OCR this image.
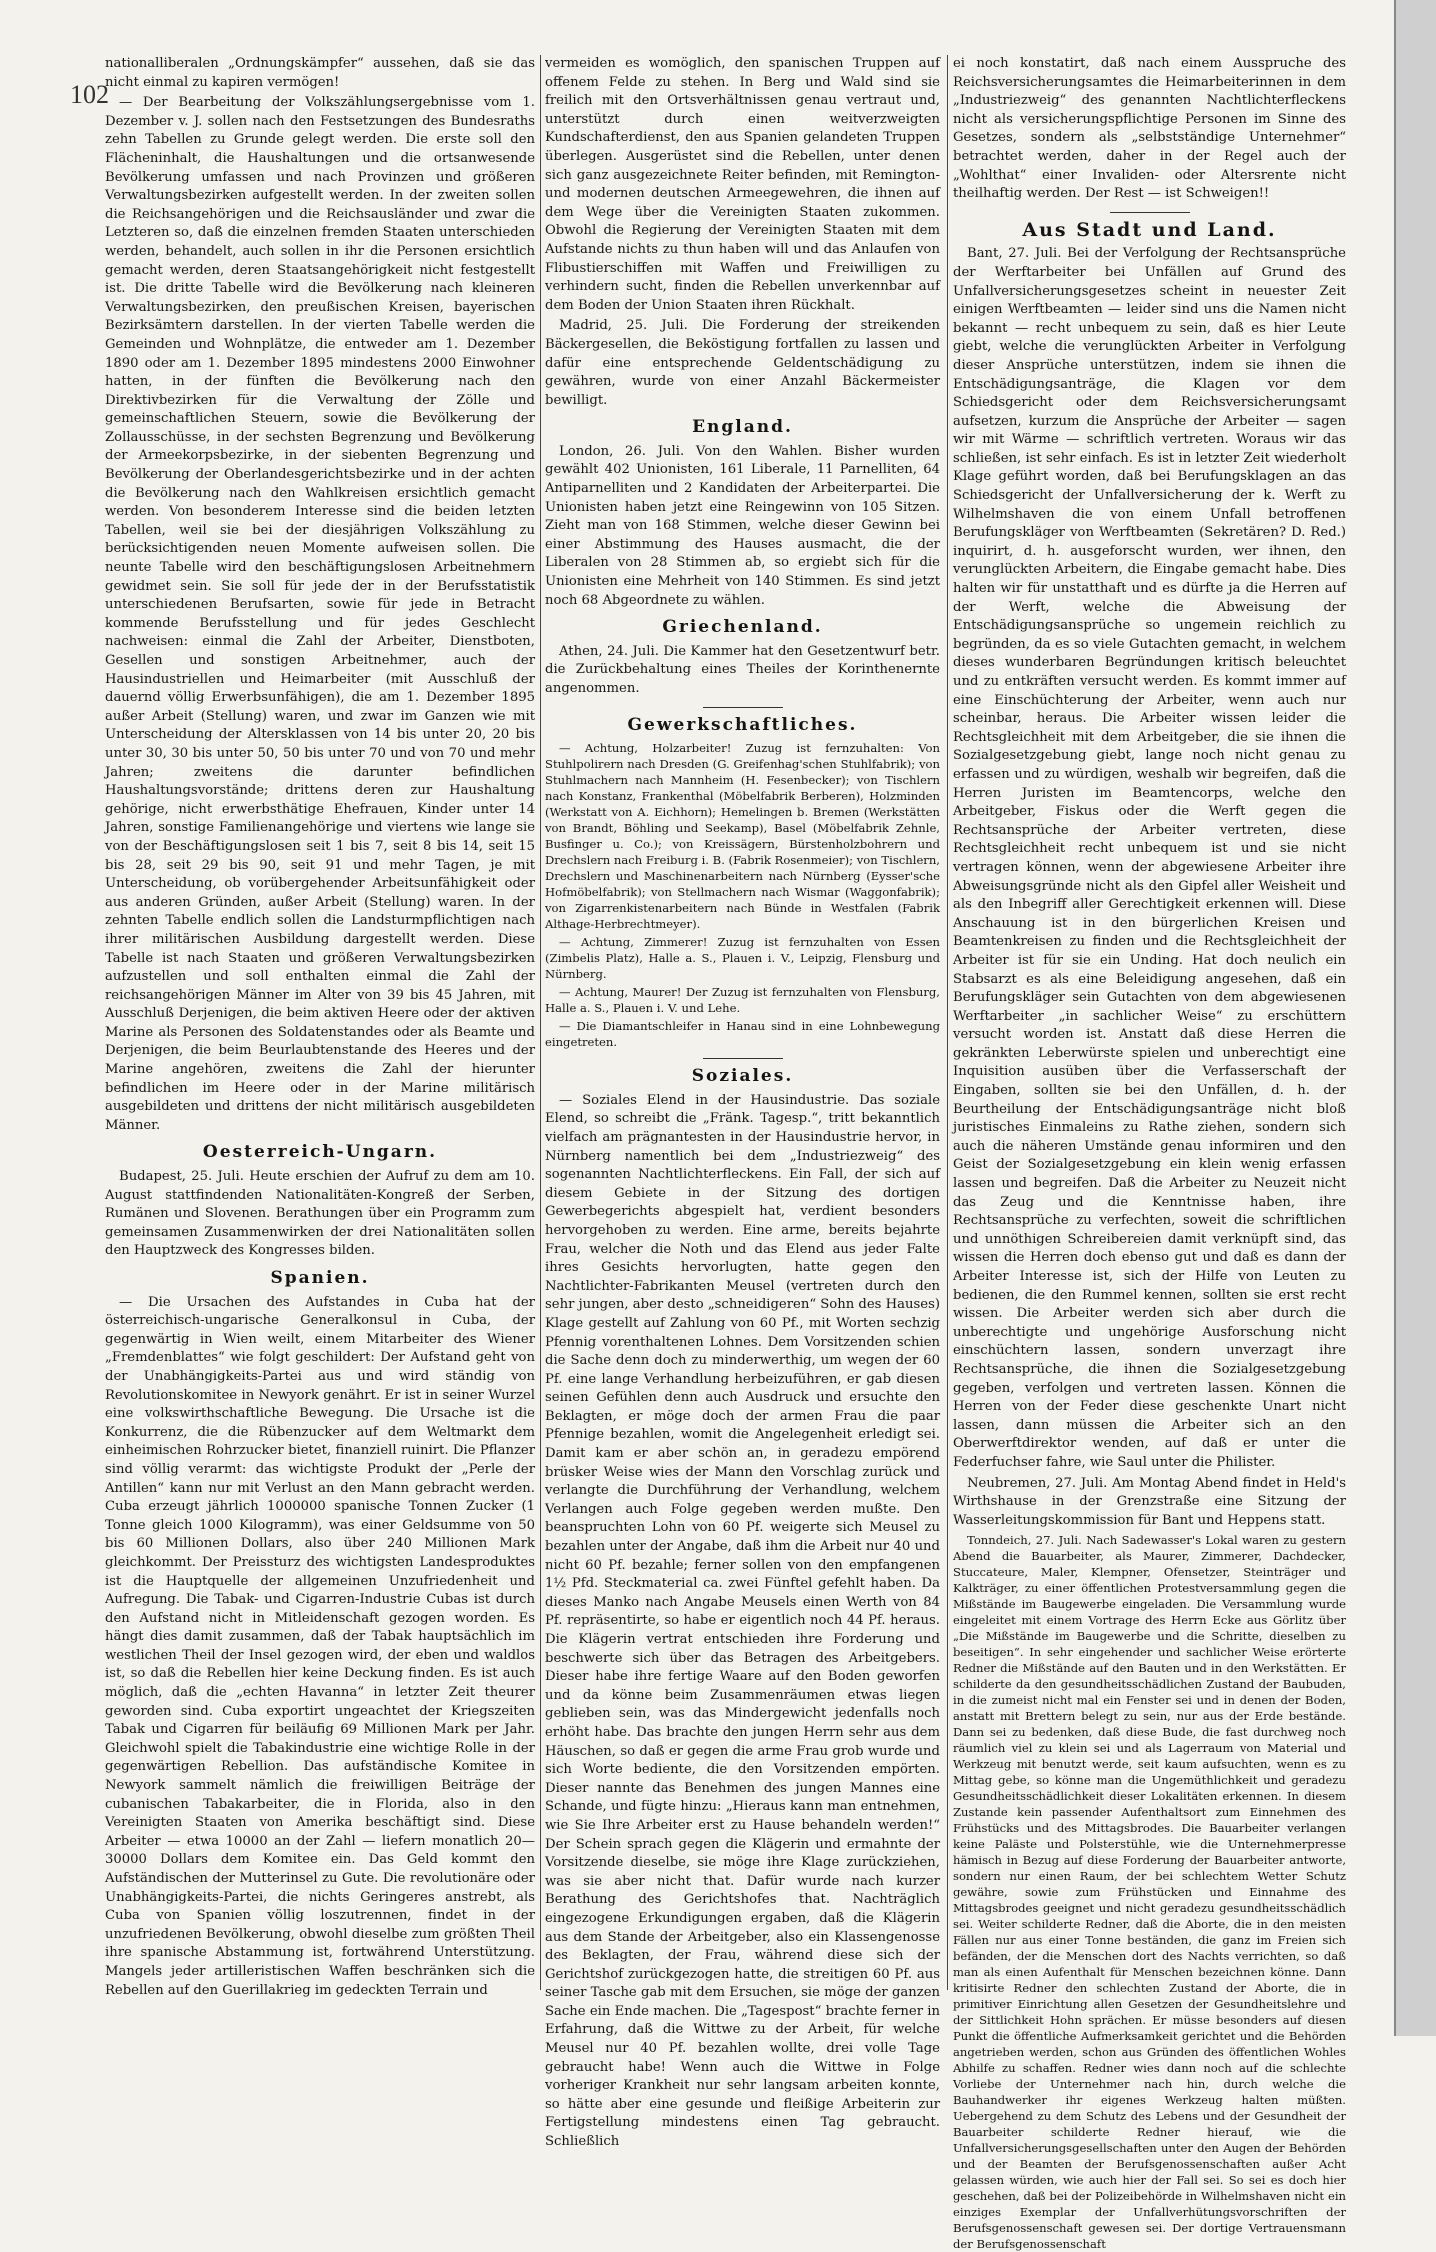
102

nationalliberalen „Ordnungskämpfer“ aussehen, daß sie das nicht einmal zu kapiren vermögen!

— Der Bearbeitung der Volkszählungsergebnisse vom 1. Dezember v. J. sollen nach den Festsetzungen des Bundesraths zehn Tabellen zu Grunde gelegt werden. Die erste soll den Flächeninhalt, die Haushaltungen und die ortsanwesende Bevölkerung umfassen und nach Provinzen und größeren Verwaltungsbezirken aufgestellt werden. In der zweiten sollen die Reichsangehörigen und die Reichsausländer und zwar die Letzteren so, daß die einzelnen fremden Staaten unterschieden werden, behandelt, auch sollen in ihr die Personen ersichtlich gemacht werden, deren Staatsangehörigkeit nicht festgestellt ist. Die dritte Tabelle wird die Bevölkerung nach kleineren Verwaltungsbezirken, den preußischen Kreisen, bayerischen Bezirksämtern darstellen. In der vierten Tabelle werden die Gemeinden und Wohnplätze, die entweder am 1. Dezember 1890 oder am 1. Dezember 1895 mindestens 2000 Einwohner hatten, in der fünften die Bevölkerung nach den Direktivbezirken für die Verwaltung der Zölle und gemeinschaftlichen Steuern, sowie die Bevölkerung der Zollausschüsse, in der sechsten Begrenzung und Bevölkerung der Armeekorpsbezirke, in der siebenten Begrenzung und Bevölkerung der Oberlandesgerichtsbezirke und in der achten die Bevölkerung nach den Wahlkreisen ersichtlich gemacht werden. Von besonderem Interesse sind die beiden letzten Tabellen, weil sie bei der diesjährigen Volkszählung zu berücksichtigenden neuen Momente aufweisen sollen. Die neunte Tabelle wird den beschäftigungslosen Arbeitnehmern gewidmet sein. Sie soll für jede der in der Berufsstatistik unterschiedenen Berufsarten, sowie für jede in Betracht kommende Berufsstellung und für jedes Geschlecht nachweisen: einmal die Zahl der Arbeiter, Dienstboten, Gesellen und sonstigen Arbeitnehmer, auch der Hausindustriellen und Heimarbeiter (mit Ausschluß der dauernd völlig Erwerbsunfähigen), die am 1. Dezember 1895 außer Arbeit (Stellung) waren, und zwar im Ganzen wie mit Unterscheidung der Altersklassen von 14 bis unter 20, 20 bis unter 30, 30 bis unter 50, 50 bis unter 70 und von 70 und mehr Jahren; zweitens die darunter befindlichen Haushaltungsvorstände; drittens deren zur Haushaltung gehörige, nicht erwerbsthätige Ehefrauen, Kinder unter 14 Jahren, sonstige Familienangehörige und viertens wie lange sie von der Beschäftigungslosen seit 1 bis 7, seit 8 bis 14, seit 15 bis 28, seit 29 bis 90, seit 91 und mehr Tagen, je mit Unterscheidung, ob vorübergehender Arbeitsunfähigkeit oder aus anderen Gründen, außer Arbeit (Stellung) waren. In der zehnten Tabelle endlich sollen die Landsturmpflichtigen nach ihrer militärischen Ausbildung dargestellt werden. Diese Tabelle ist nach Staaten und größeren Verwaltungsbezirken aufzustellen und soll enthalten einmal die Zahl der reichsangehörigen Männer im Alter von 39 bis 45 Jahren, mit Ausschluß Derjenigen, die beim aktiven Heere oder der aktiven Marine als Personen des Soldatenstandes oder als Beamte und Derjenigen, die beim Beurlaubtenstande des Heeres und der Marine angehören, zweitens die Zahl der hierunter befindlichen im Heere oder in der Marine militärisch ausgebildeten und drittens der nicht militärisch ausgebildeten Männer.

Oesterreich-Ungarn.

Budapest, 25. Juli. Heute erschien der Aufruf zu dem am 10. August stattfindenden Nationalitäten-Kongreß der Serben, Rumänen und Slovenen. Berathungen über ein Programm zum gemeinsamen Zusammenwirken der drei Nationalitäten sollen den Hauptzweck des Kongresses bilden.

Spanien.

— Die Ursachen des Aufstandes in Cuba hat der österreichisch-ungarische Generalkonsul in Cuba, der gegenwärtig in Wien weilt, einem Mitarbeiter des Wiener „Fremdenblattes“ wie folgt geschildert: Der Aufstand geht von der Unabhängigkeits-Partei aus und wird ständig von Revolutionskomitee in Newyork genährt. Er ist in seiner Wurzel eine volkswirthschaftliche Bewegung. Die Ursache ist die Konkurrenz, die die Rübenzucker auf dem Weltmarkt dem einheimischen Rohrzucker bietet, finanziell ruinirt. Die Pflanzer sind völlig verarmt: das wichtigste Produkt der „Perle der Antillen“ kann nur mit Verlust an den Mann gebracht werden. Cuba erzeugt jährlich 1000000 spanische Tonnen Zucker (1 Tonne gleich 1000 Kilogramm), was einer Geldsumme von 50 bis 60 Millionen Dollars, also über 240 Millionen Mark gleichkommt. Der Preissturz des wichtigsten Landesproduktes ist die Hauptquelle der allgemeinen Unzufriedenheit und Aufregung. Die Tabak- und Cigarren-Industrie Cubas ist durch den Aufstand nicht in Mitleidenschaft gezogen worden. Es hängt dies damit zusammen, daß der Tabak hauptsächlich im westlichen Theil der Insel gezogen wird, der eben und waldlos ist, so daß die Rebellen hier keine Deckung finden. Es ist auch möglich, daß die „echten Havanna“ in letzter Zeit theurer geworden sind. Cuba exportirt ungeachtet der Kriegszeiten Tabak und Cigarren für beiläufig 69 Millionen Mark per Jahr. Gleichwohl spielt die Tabakindustrie eine wichtige Rolle in der gegenwärtigen Rebellion. Das aufständische Komitee in Newyork sammelt nämlich die freiwilligen Beiträge der cubanischen Tabakarbeiter, die in Florida, also in den Vereinigten Staaten von Amerika beschäftigt sind. Diese Arbeiter — etwa 10000 an der Zahl — liefern monatlich 20—30000 Dollars dem Komitee ein. Das Geld kommt den Aufständischen der Mutterinsel zu Gute. Die revolutionäre oder Unabhängigkeits-Partei, die nichts Geringeres anstrebt, als Cuba von Spanien völlig loszutrennen, findet in der unzufriedenen Bevölkerung, obwohl dieselbe zum größten Theil ihre spanische Abstammung ist, fortwährend Unterstützung. Mangels jeder artilleristischen Waffen beschränken sich die Rebellen auf den Guerillakrieg im gedeckten Terrain und

vermeiden es womöglich, den spanischen Truppen auf offenem Felde zu stehen. In Berg und Wald sind sie freilich mit den Ortsverhältnissen genau vertraut und, unterstützt durch einen weitverzweigten Kundschafterdienst, den aus Spanien gelandeten Truppen überlegen. Ausgerüstet sind die Rebellen, unter denen sich ganz ausgezeichnete Reiter befinden, mit Remington- und modernen deutschen Armeegewehren, die ihnen auf dem Wege über die Vereinigten Staaten zukommen. Obwohl die Regierung der Vereinigten Staaten mit dem Aufstande nichts zu thun haben will und das Anlaufen von Flibustierschiffen mit Waffen und Freiwilligen zu verhindern sucht, finden die Rebellen unverkennbar auf dem Boden der Union Staaten ihren Rückhalt.

Madrid, 25. Juli. Die Forderung der streikenden Bäckergesellen, die Beköstigung fortfallen zu lassen und dafür eine entsprechende Geldentschädigung zu gewähren, wurde von einer Anzahl Bäckermeister bewilligt.

England.

London, 26. Juli. Von den Wahlen. Bisher wurden gewählt 402 Unionisten, 161 Liberale, 11 Parnelliten, 64 Antiparnelliten und 2 Kandidaten der Arbeiterpartei. Die Unionisten haben jetzt eine Reingewinn von 105 Sitzen. Zieht man von 168 Stimmen, welche dieser Gewinn bei einer Abstimmung des Hauses ausmacht, die der Liberalen von 28 Stimmen ab, so ergiebt sich für die Unionisten eine Mehrheit von 140 Stimmen. Es sind jetzt noch 68 Abgeordnete zu wählen.

Griechenland.

Athen, 24. Juli. Die Kammer hat den Gesetzentwurf betr. die Zurückbehaltung eines Theiles der Korinthenernte angenommen.

Gewerkschaftliches.

— Achtung, Holzarbeiter! Zuzug ist fernzuhalten: Von Stuhlpolirern nach Dresden (G. Greifenhag'schen Stuhlfabrik); von Stuhlmachern nach Mannheim (H. Fesenbecker); von Tischlern nach Konstanz, Frankenthal (Möbelfabrik Berberen), Holzminden (Werkstatt von A. Eichhorn); Hemelingen b. Bremen (Werkstätten von Brandt, Böhling und Seekamp), Basel (Möbelfabrik Zehnle, Busfinger u. Co.); von Kreissägern, Bürstenholzbohrern und Drechslern nach Freiburg i. B. (Fabrik Rosenmeier); von Tischlern, Drechslern und Maschinenarbeitern nach Nürnberg (Eysser'sche Hofmöbelfabrik); von Stellmachern nach Wismar (Waggonfabrik); von Zigarrenkistenarbeitern nach Bünde in Westfalen (Fabrik Althage-Herbrechtmeyer).

— Achtung, Zimmerer! Zuzug ist fernzuhalten von Essen (Zimbelis Platz), Halle a. S., Plauen i. V., Leipzig, Flensburg und Nürnberg.

— Achtung, Maurer! Der Zuzug ist fernzuhalten von Flensburg, Halle a. S., Plauen i. V. und Lehe.

— Die Diamantschleifer in Hanau sind in eine Lohnbewegung eingetreten.

Soziales.

— Soziales Elend in der Hausindustrie. Das soziale Elend, so schreibt die „Fränk. Tagesp.“, tritt bekanntlich vielfach am prägnantesten in der Hausindustrie hervor, in Nürnberg namentlich bei dem „Industriezweig“ des sogenannten Nachtlichterfleckens. Ein Fall, der sich auf diesem Gebiete in der Sitzung des dortigen Gewerbegerichts abgespielt hat, verdient besonders hervorgehoben zu werden. Eine arme, bereits bejahrte Frau, welcher die Noth und das Elend aus jeder Falte ihres Gesichts hervorlugten, hatte gegen den Nachtlichter-Fabrikanten Meusel (vertreten durch den sehr jungen, aber desto „schneidigeren“ Sohn des Hauses) Klage gestellt auf Zahlung von 60 Pf., mit Worten sechzig Pfennig vorenthaltenen Lohnes. Dem Vorsitzenden schien die Sache denn doch zu minderwerthig, um wegen der 60 Pf. eine lange Verhandlung herbeizuführen, er gab diesen seinen Gefühlen denn auch Ausdruck und ersuchte den Beklagten, er möge doch der armen Frau die paar Pfennige bezahlen, womit die Angelegenheit erledigt sei. Damit kam er aber schön an, in geradezu empörend brüsker Weise wies der Mann den Vorschlag zurück und verlangte die Durchführung der Verhandlung, welchem Verlangen auch Folge gegeben werden mußte. Den beanspruchten Lohn von 60 Pf. weigerte sich Meusel zu bezahlen unter der Angabe, daß ihm die Arbeit nur 40 und nicht 60 Pf. bezahle; ferner sollen von den empfangenen 1½ Pfd. Steckmaterial ca. zwei Fünftel gefehlt haben. Da dieses Manko nach Angabe Meusels einen Werth von 84 Pf. repräsentirte, so habe er eigentlich noch 44 Pf. heraus. Die Klägerin vertrat entschieden ihre Forderung und beschwerte sich über das Betragen des Arbeitgebers. Dieser habe ihre fertige Waare auf den Boden geworfen und da könne beim Zusammenräumen etwas liegen geblieben sein, was das Mindergewicht jedenfalls noch erhöht habe. Das brachte den jungen Herrn sehr aus dem Häuschen, so daß er gegen die arme Frau grob wurde und sich Worte bediente, die den Vorsitzenden empörten. Dieser nannte das Benehmen des jungen Mannes eine Schande, und fügte hinzu: „Hieraus kann man entnehmen, wie Sie Ihre Arbeiter erst zu Hause behandeln werden!“ Der Schein sprach gegen die Klägerin und ermahnte der Vorsitzende dieselbe, sie möge ihre Klage zurückziehen, was sie aber nicht that. Dafür wurde nach kurzer Berathung des Gerichtshofes that. Nachträglich eingezogene Erkundigungen ergaben, daß die Klägerin aus dem Stande der Arbeitgeber, also ein Klassengenosse des Beklagten, der Frau, während diese sich der Gerichtshof zurückgezogen hatte, die streitigen 60 Pf. aus seiner Tasche gab mit dem Ersuchen, sie möge der ganzen Sache ein Ende machen. Die „Tagespost“ brachte ferner in Erfahrung, daß die Wittwe zu der Arbeit, für welche Meusel nur 40 Pf. bezahlen wollte, drei volle Tage gebraucht habe! Wenn auch die Wittwe in Folge vorheriger Krankheit nur sehr langsam arbeiten konnte, so hätte aber eine gesunde und fleißige Arbeiterin zur Fertigstellung mindestens einen Tag gebraucht. Schließlich

ei noch konstatirt, daß nach einem Ausspruche des Reichsversicherungsamtes die Heimarbeiterinnen in dem „Industriezweig“ des genannten Nachtlichterfleckens nicht als versicherungspflichtige Personen im Sinne des Gesetzes, sondern als „selbstständige Unternehmer“ betrachtet werden, daher in der Regel auch der „Wohlthat“ einer Invaliden- oder Altersrente nicht theilhaftig werden. Der Rest — ist Schweigen!!

Aus Stadt und Land.

Bant, 27. Juli. Bei der Verfolgung der Rechtsansprüche der Werftarbeiter bei Unfällen auf Grund des Unfallversicherungsgesetzes scheint in neuester Zeit einigen Werftbeamten — leider sind uns die Namen nicht bekannt — recht unbequem zu sein, daß es hier Leute giebt, welche die verunglückten Arbeiter in Verfolgung dieser Ansprüche unterstützen, indem sie ihnen die Entschädigungsanträge, die Klagen vor dem Schiedsgericht oder dem Reichsversicherungsamt aufsetzen, kurzum die Ansprüche der Arbeiter — sagen wir mit Wärme — schriftlich vertreten. Woraus wir das schließen, ist sehr einfach. Es ist in letzter Zeit wiederholt Klage geführt worden, daß bei Berufungsklagen an das Schiedsgericht der Unfallversicherung der k. Werft zu Wilhelmshaven die von einem Unfall betroffenen Berufungskläger von Werftbeamten (Sekretären? D. Red.) inquirirt, d. h. ausgeforscht wurden, wer ihnen, den verunglückten Arbeitern, die Eingabe gemacht habe. Dies halten wir für unstatthaft und es dürfte ja die Herren auf der Werft, welche die Abweisung der Entschädigungsansprüche so ungemein reichlich zu begründen, da es so viele Gutachten gemacht, in welchem dieses wunderbaren Begründungen kritisch beleuchtet und zu entkräften versucht werden. Es kommt immer auf eine Einschüchterung der Arbeiter, wenn auch nur scheinbar, heraus. Die Arbeiter wissen leider die Rechtsgleichheit mit dem Arbeitgeber, die sie ihnen die Sozialgesetzgebung giebt, lange noch nicht genau zu erfassen und zu würdigen, weshalb wir begreifen, daß die Herren Juristen im Beamtencorps, welche den Arbeitgeber, Fiskus oder die Werft gegen die Rechtsansprüche der Arbeiter vertreten, diese Rechtsgleichheit recht unbequem ist und sie nicht vertragen können, wenn der abgewiesene Arbeiter ihre Abweisungsgründe nicht als den Gipfel aller Weisheit und als den Inbegriff aller Gerechtigkeit erkennen will. Diese Anschauung ist in den bürgerlichen Kreisen und Beamtenkreisen zu finden und die Rechtsgleichheit der Arbeiter ist für sie ein Unding. Hat doch neulich ein Stabsarzt es als eine Beleidigung angesehen, daß ein Berufungskläger sein Gutachten von dem abgewiesenen Werftarbeiter „in sachlicher Weise“ zu erschüttern versucht worden ist. Anstatt daß diese Herren die gekränkten Leberwürste spielen und unberechtigt eine Inquisition ausüben über die Verfasserschaft der Eingaben, sollten sie bei den Unfällen, d. h. der Beurtheilung der Entschädigungsanträge nicht bloß juristisches Einmaleins zu Rathe ziehen, sondern sich auch die näheren Umstände genau informiren und den Geist der Sozialgesetzgebung ein klein wenig erfassen lassen und begreifen. Daß die Arbeiter zu Neuzeit nicht das Zeug und die Kenntnisse haben, ihre Rechtsansprüche zu verfechten, soweit die schriftlichen und unnöthigen Schreibereien damit verknüpft sind, das wissen die Herren doch ebenso gut und daß es dann der Arbeiter Interesse ist, sich der Hilfe von Leuten zu bedienen, die den Rummel kennen, sollten sie erst recht wissen. Die Arbeiter werden sich aber durch die unberechtigte und ungehörige Ausforschung nicht einschüchtern lassen, sondern unverzagt ihre Rechtsansprüche, die ihnen die Sozialgesetzgebung gegeben, verfolgen und vertreten lassen. Können die Herren von der Feder diese geschenkte Unart nicht lassen, dann müssen die Arbeiter sich an den Oberwerftdirektor wenden, auf daß er unter die Federfuchser fahre, wie Saul unter die Philister.

Neubremen, 27. Juli. Am Montag Abend findet in Held's Wirthshause in der Grenzstraße eine Sitzung der Wasserleitungskommission für Bant und Heppens statt.

Tonndeich, 27. Juli. Nach Sadewasser's Lokal waren zu gestern Abend die Bauarbeiter, als Maurer, Zimmerer, Dachdecker, Stuccateure, Maler, Klempner, Ofensetzer, Steinträger und Kalkträger, zu einer öffentlichen Protestversammlung gegen die Mißstände im Baugewerbe eingeladen. Die Versammlung wurde eingeleitet mit einem Vortrage des Herrn Ecke aus Görlitz über „Die Mißstände im Baugewerbe und die Schritte, dieselben zu beseitigen“. In sehr eingehender und sachlicher Weise erörterte Redner die Mißstände auf den Bauten und in den Werkstätten. Er schilderte da den gesundheitsschädlichen Zustand der Baubuden, in die zumeist nicht mal ein Fenster sei und in denen der Boden, anstatt mit Brettern belegt zu sein, nur aus der Erde bestände. Dann sei zu bedenken, daß diese Bude, die fast durchweg noch räumlich viel zu klein sei und als Lagerraum von Material und Werkzeug mit benutzt werde, seit kaum aufsuchten, wenn es zu Mittag gebe, so könne man die Ungemüthlichkeit und geradezu Gesundheitsschädlichkeit dieser Lokalitäten erkennen. In diesem Zustande kein passender Aufenthaltsort zum Einnehmen des Frühstücks und des Mittagsbrodes. Die Bauarbeiter verlangen keine Paläste und Polsterstühle, wie die Unternehmerpresse hämisch in Bezug auf diese Forderung der Bauarbeiter antworte, sondern nur einen Raum, der bei schlechtem Wetter Schutz gewähre, sowie zum Frühstücken und Einnahme des Mittagsbrodes geeignet und nicht geradezu gesundheitsschädlich sei. Weiter schilderte Redner, daß die Aborte, die in den meisten Fällen nur aus einer Tonne beständen, die ganz im Freien sich befänden, der die Menschen dort des Nachts verrichten, so daß man als einen Aufenthalt für Menschen bezeichnen könne. Dann kritisirte Redner den schlechten Zustand der Aborte, die in primitiver Einrichtung allen Gesetzen der Gesundheitslehre und der Sittlichkeit Hohn sprächen. Er müsse besonders auf diesen Punkt die öffentliche Aufmerksamkeit gerichtet und die Behörden angetrieben werden, schon aus Gründen des öffentlichen Wohles Abhilfe zu schaffen. Redner wies dann noch auf die schlechte Vorliebe der Unternehmer nach hin, durch welche die Bauhandwerker ihr eigenes Werkzeug halten müßten. Uebergehend zu dem Schutz des Lebens und der Gesundheit der Bauarbeiter schilderte Redner hierauf, wie die Unfallversicherungsgesellschaften unter den Augen der Behörden und der Beamten der Berufsgenossenschaften außer Acht gelassen würden, wie auch hier der Fall sei. So sei es doch hier geschehen, daß bei der Polizeibehörde in Wilhelmshaven nicht ein einziges Exemplar der Unfallverhütungsvorschriften der Berufsgenossenschaft gewesen sei. Der dortige Vertrauensmann der Berufsgenossenschaft
